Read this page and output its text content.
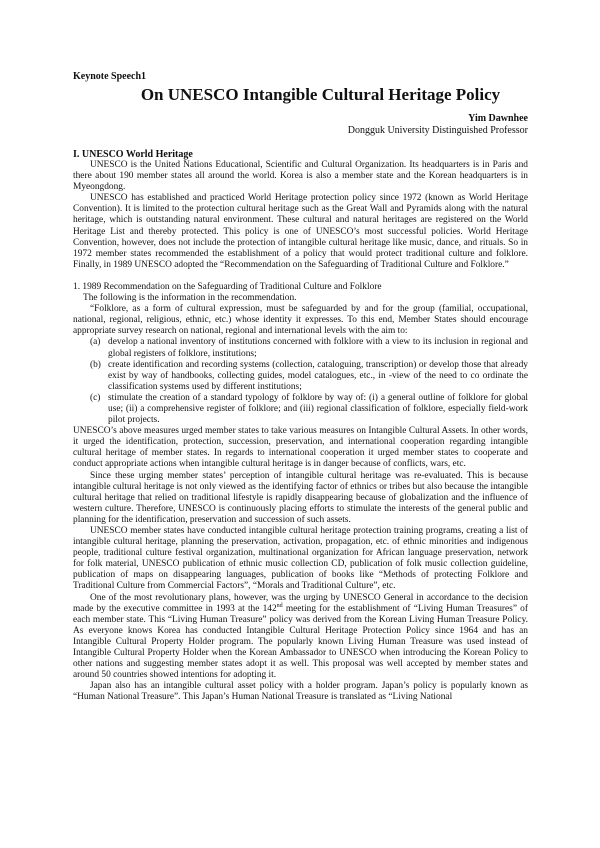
Keynote Speech1
On UNESCO Intangible Cultural Heritage Policy
Yim Dawnhee
Dongguk University Distinguished Professor
I. UNESCO World Heritage

UNESCO is the United Nations Educational, Scientific and Cultural Organization. Its headquarters is in Paris and there about 190 member states all around the world. Korea is also a member state and the Korean headquarters is in Myeongdong.

UNESCO has established and practiced World Heritage protection policy since 1972 (known as World Heritage Convention). It is limited to the protection cultural heritage such as the Great Wall and Pyramids along with the natural heritage, which is outstanding natural environment. These cultural and natural heritages are registered on the World Heritage List and thereby protected. This policy is one of UNESCO’s most successful policies. World Heritage Convention, however, does not include the protection of intangible cultural heritage like music, dance, and rituals. So in 1972 member states recommended the establishment of a policy that would protect traditional culture and folklore. Finally, in 1989 UNESCO adopted the “Recommendation on the Safeguarding of Traditional Culture and Folklore.”

1. 1989 Recommendation on the Safeguarding of Traditional Culture and Folklore

The following is the information in the recommendation.

“Folklore, as a form of cultural expression, must be safeguarded by and for the group (familial, occupational, national, regional, religious, ethnic, etc.) whose identity it expresses. To this end, Member States should encourage appropriate survey research on national, regional and international levels with the aim to:

(a) develop a national inventory of institutions concerned with folklore with a view to its inclusion in regional and global registers of folklore, institutions;
(b) create identification and recording systems (collection, cataloguing, transcription) or develop those that already exist by way of handbooks, collecting guides, model catalogues, etc., in -view of the need to co ordinate the classification systems used by different institutions;
(c) stimulate the creation of a standard typology of folklore by way of: (i) a general outline of folklore for global use; (ii) a comprehensive register of folklore; and (iii) regional classification of folklore, especially field-work pilot projects.

UNESCO’s above measures urged member states to take various measures on Intangible Cultural Assets. In other words, it urged the identification, protection, succession, preservation, and international cooperation regarding intangible cultural heritage of member states. In regards to international cooperation it urged member states to cooperate and conduct appropriate actions when intangible cultural heritage is in danger because of conflicts, wars, etc.

Since these urging member states’ perception of intangible cultural heritage was re-evaluated. This is because intangible cultural heritage is not only viewed as the identifying factor of ethnics or tribes but also because the intangible cultural heritage that relied on traditional lifestyle is rapidly disappearing because of globalization and the influence of western culture. Therefore, UNESCO is continuously placing efforts to stimulate the interests of the general public and planning for the identification, preservation and succession of such assets.

UNESCO member states have conducted intangible cultural heritage protection training programs, creating a list of intangible cultural heritage, planning the preservation, activation, propagation, etc. of ethnic minorities and indigenous people, traditional culture festival organization, multinational organization for African language preservation, network for folk material, UNESCO publication of ethnic music collection CD, publication of folk music collection guideline, publication of maps on disappearing languages, publication of books like “Methods of protecting Folklore and Traditional Culture from Commercial Factors”, “Morals and Traditional Culture”, etc.

One of the most revolutionary plans, however, was the urging by UNESCO General in accordance to the decision made by the executive committee in 1993 at the 142nd meeting for the establishment of “Living Human Treasures” of each member state. This “Living Human Treasure” policy was derived from the Korean Living Human Treasure Policy. As everyone knows Korea has conducted Intangible Cultural Heritage Protection Policy since 1964 and has an Intangible Cultural Property Holder program. The popularly known Living Human Treasure was used instead of Intangible Cultural Property Holder when the Korean Ambassador to UNESCO when introducing the Korean Policy to other nations and suggesting member states adopt it as well. This proposal was well accepted by member states and around 50 countries showed intentions for adopting it.

Japan also has an intangible cultural asset policy with a holder program. Japan’s policy is popularly known as “Human National Treasure”. This Japan’s Human National Treasure is translated as “Living National
